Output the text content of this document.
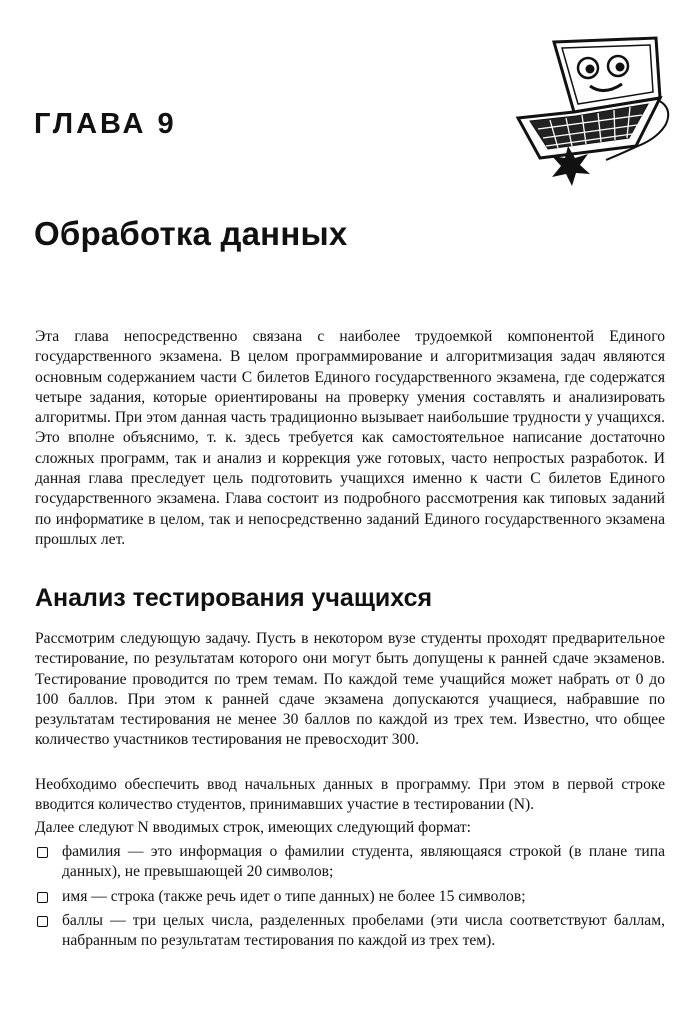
ГЛАВА 9
Обработка данных

Эта глава непосредственно связана с наиболее трудоемкой компонентой Единого государственного экзамена. В целом программирование и алгоритмизация задач являются основным содержанием части C билетов Единого государственного экзамена, где содержатся четыре задания, которые ориентированы на проверку умения составлять и анализировать алгоритмы. При этом данная часть традиционно вызывает наибольшие трудности у учащихся. Это вполне объяснимо, т. к. здесь требуется как самостоятельное написание достаточно сложных программ, так и анализ и коррекция уже готовых, часто непростых разработок. И данная глава преследует цель подготовить учащихся именно к части C билетов Единого государственного экзамена. Глава состоит из подробного рассмотрения как типовых заданий по информатике в целом, так и непосредственно заданий Единого государственного экзамена прошлых лет.

Анализ тестирования учащихся

Рассмотрим следующую задачу. Пусть в некотором вузе студенты проходят предварительное тестирование, по результатам которого они могут быть допущены к ранней сдаче экзаменов. Тестирование проводится по трем темам. По каждой теме учащийся может набрать от 0 до 100 баллов. При этом к ранней сдаче экзамена допускаются учащиеся, набравшие по результатам тестирования не менее 30 баллов по каждой из трех тем. Известно, что общее количество участников тестирования не превосходит 300.

Необходимо обеспечить ввод начальных данных в программу. При этом в первой строке вводится количество студентов, принимавших участие в тестировании (N).

Далее следуют N вводимых строк, имеющих следующий формат:

фамилия — это информация о фамилии студента, являющаяся строкой (в плане типа данных), не превышающей 20 символов;
имя — строка (также речь идет о типе данных) не более 15 символов;
баллы — три целых числа, разделенных пробелами (эти числа соответствуют баллам, набранным по результатам тестирования по каждой из трех тем).
